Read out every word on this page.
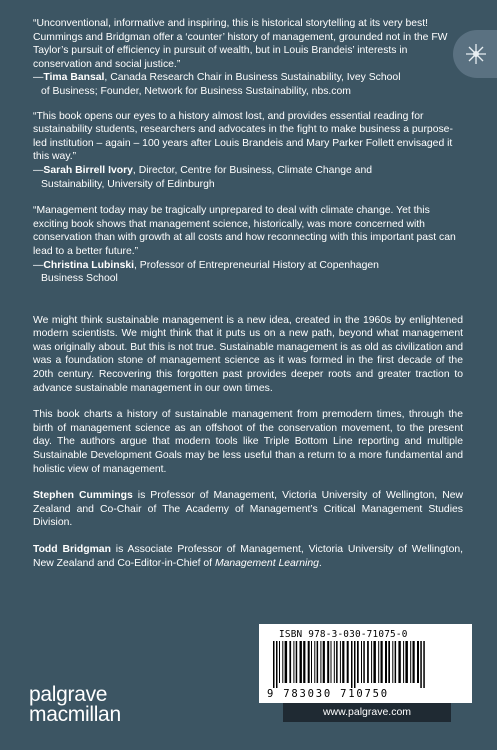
“Unconventional, informative and inspiring, this is historical storytelling at its very best! Cummings and Bridgman offer a ‘counter’ history of management, grounded not in the FW Taylor’s pursuit of efficiency in pursuit of wealth, but in Louis Brandeis’ interests in conservation and social justice.”

—Tima Bansal, Canada Research Chair in Business Sustainability, Ivey School
of Business; Founder, Network for Business Sustainability, nbs.com

“This book opens our eyes to a history almost lost, and provides essential reading for sustainability students, researchers and advocates in the fight to make business a purpose-led institution – again – 100 years after Louis Brandeis and Mary Parker Follett envisaged it this way.”

—Sarah Birrell Ivory, Director, Centre for Business, Climate Change and
Sustainability, University of Edinburgh

“Management today may be tragically unprepared to deal with climate change. Yet this exciting book shows that management science, historically, was more concerned with conservation than with growth at all costs and how reconnecting with this important past can lead to a better future.”

—Christina Lubinski, Professor of Entrepreneurial History at Copenhagen
Business School

We might think sustainable management is a new idea, created in the 1960s by enlightened modern scientists. We might think that it puts us on a new path, beyond what management was originally about. But this is not true. Sustainable management is as old as civilization and was a foundation stone of management science as it was formed in the first decade of the 20th century. Recovering this forgotten past provides deeper roots and greater traction to advance sustainable management in our own times.

This book charts a history of sustainable management from premodern times, through the birth of management science as an offshoot of the conservation movement, to the present day. The authors argue that modern tools like Triple Bottom Line reporting and multiple Sustainable Development Goals may be less useful than a return to a more fundamental and holistic view of management.

Stephen Cummings is Professor of Management, Victoria University of Wellington, New Zealand and Co-Chair of The Academy of Management’s Critical Management Studies Division.

Todd Bridgman is Associate Professor of Management, Victoria University of Wellington, New Zealand and Co-Editor-in-Chief of Management Learning.

palgrave
macmillan
ISBN 978-3-030-71075-0
9 783030 710750
www.palgrave.com
